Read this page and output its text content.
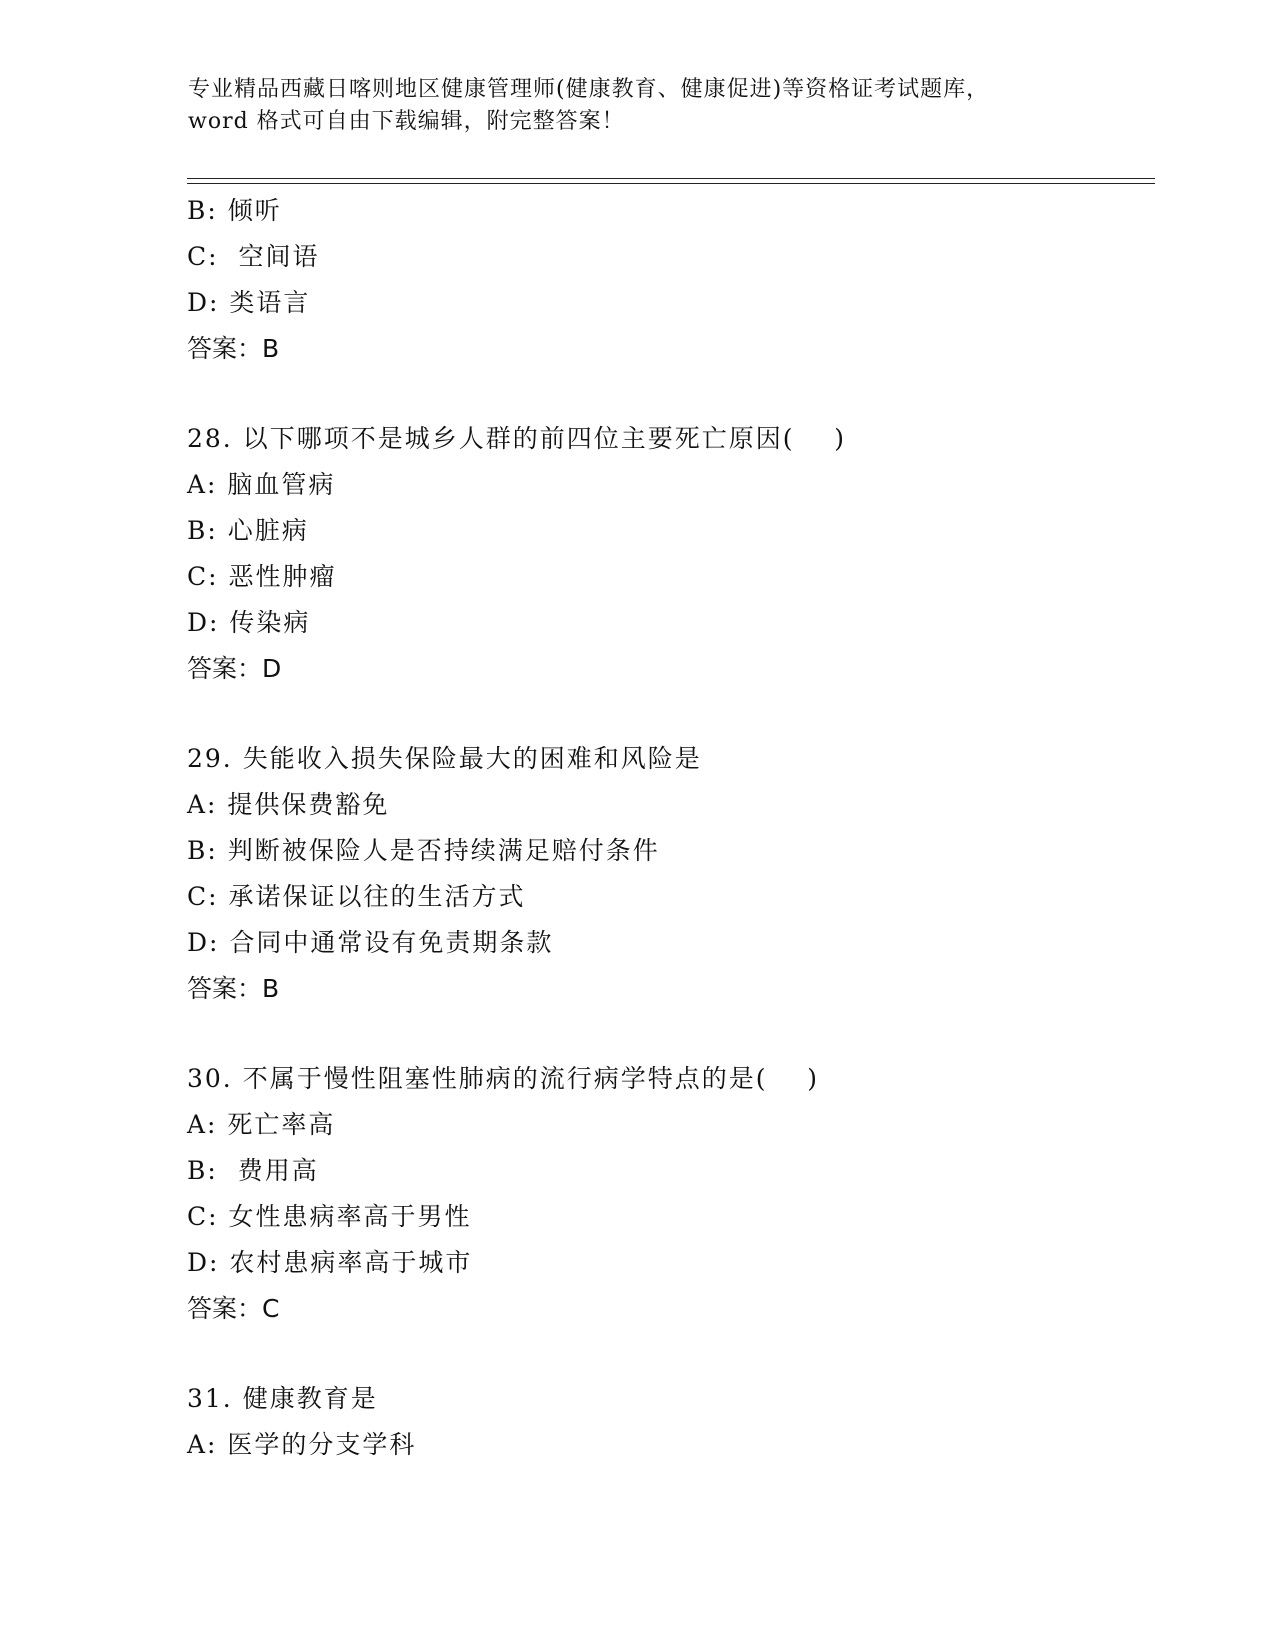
专业精品西藏日喀则地区健康管理师(健康教育、健康促进)等资格证考试题库，
word 格式可自由下载编辑，附完整答案！
B: 倾听
C:  空间语
D: 类语言
答案：B
28. 以下哪项不是城乡人群的前四位主要死亡原因(    )
A: 脑血管病
B: 心脏病
C: 恶性肿瘤
D: 传染病
答案：D
29. 失能收入损失保险最大的困难和风险是
A: 提供保费豁免
B: 判断被保险人是否持续满足赔付条件
C: 承诺保证以往的生活方式
D: 合同中通常设有免责期条款
答案：B
30. 不属于慢性阻塞性肺病的流行病学特点的是(    )
A: 死亡率高
B:  费用高
C: 女性患病率高于男性
D: 农村患病率高于城市
答案：C
31. 健康教育是
A: 医学的分支学科
